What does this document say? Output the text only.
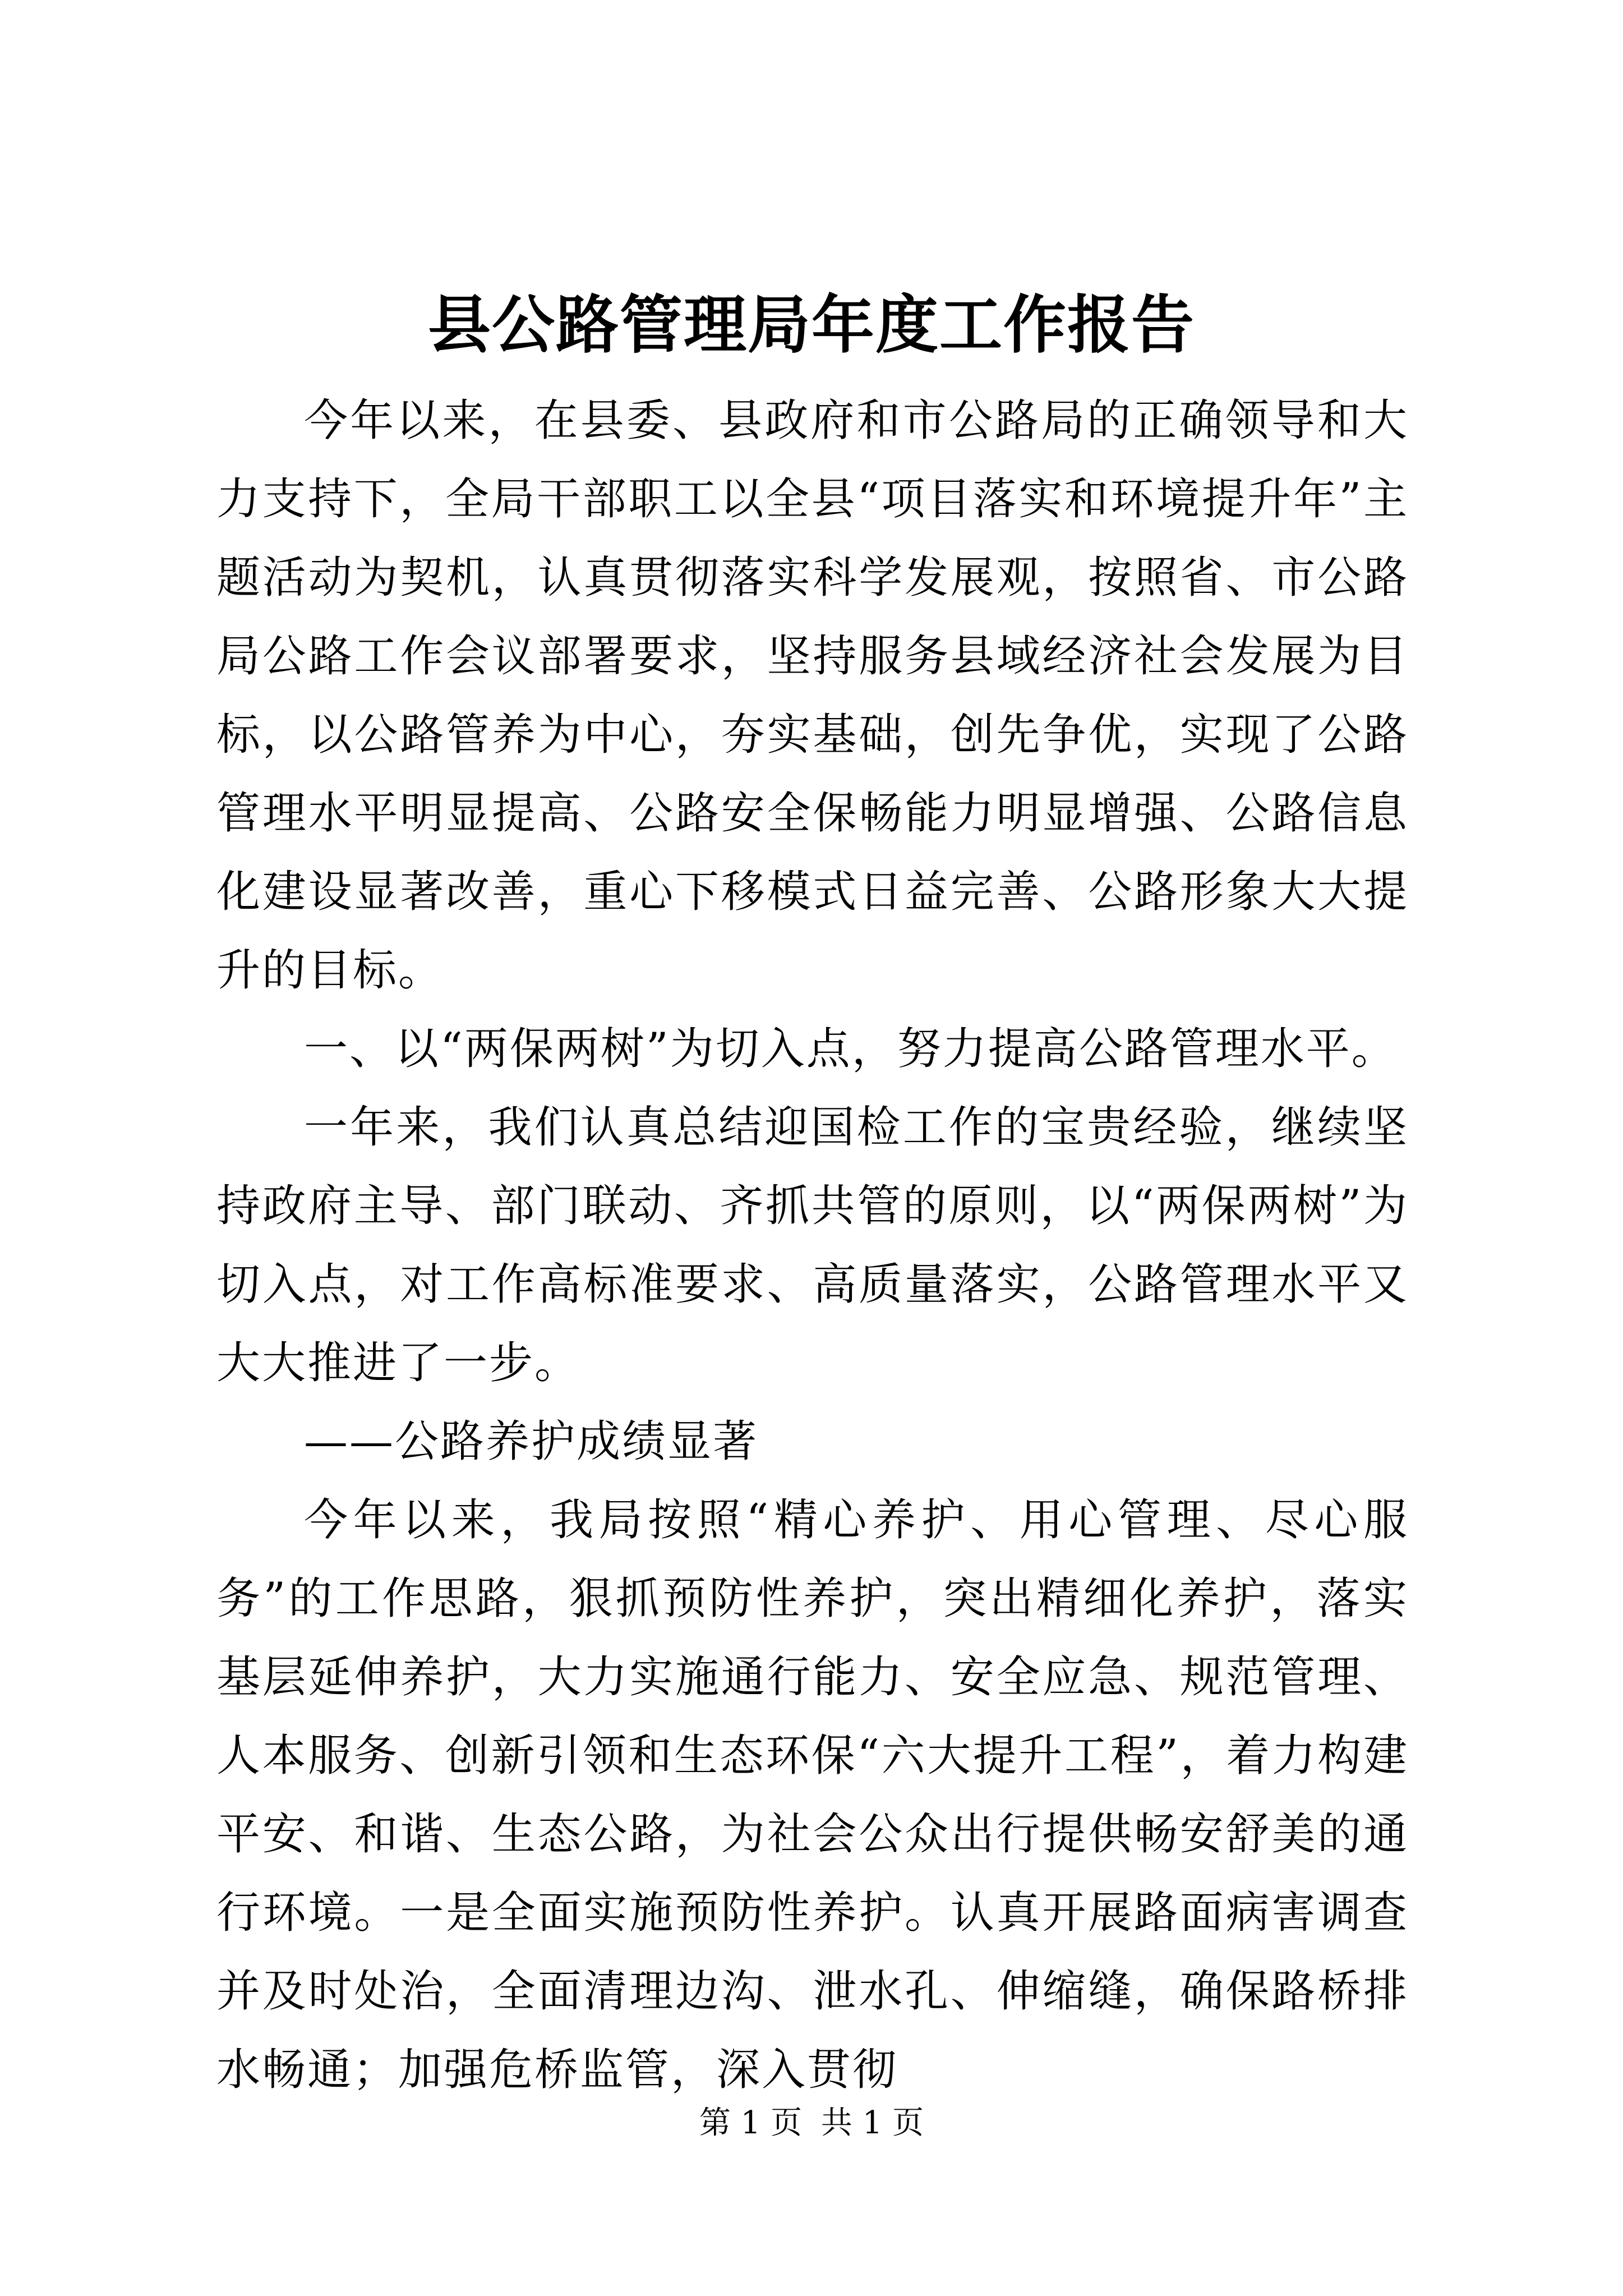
县公路管理局年度工作报告

今年以来，在县委、县政府和市公路局的正确领导和大力支持下，全局干部职工以全县“项目落实和环境提升年”主题活动为契机，认真贯彻落实科学发展观，按照省、市公路局公路工作会议部署要求，坚持服务县域经济社会发展为目标，以公路管养为中心，夯实基础，创先争优，实现了公路管理水平明显提高、公路安全保畅能力明显增强、公路信息化建设显著改善，重心下移模式日益完善、公路形象大大提升的目标。

一、以“两保两树”为切入点，努力提高公路管理水平。

一年来，我们认真总结迎国检工作的宝贵经验，继续坚持政府主导、部门联动、齐抓共管的原则，以“两保两树”为切入点，对工作高标准要求、高质量落实，公路管理水平又大大推进了一步。

——公路养护成绩显著

今年以来，我局按照“精心养护、用心管理、尽心服务”的工作思路，狠抓预防性养护，突出精细化养护，落实基层延伸养护，大力实施通行能力、安全应急、规范管理、人本服务、创新引领和生态环保“六大提升工程”，着力构建平安、和谐、生态公路，为社会公众出行提供畅安舒美的通行环境。一是全面实施预防性养护。认真开展路面病害调查并及时处治，全面清理边沟、泄水孔、伸缩缝，确保路桥排水畅通；加强危桥监管，深入贯彻

第 1 页 共 1 页
